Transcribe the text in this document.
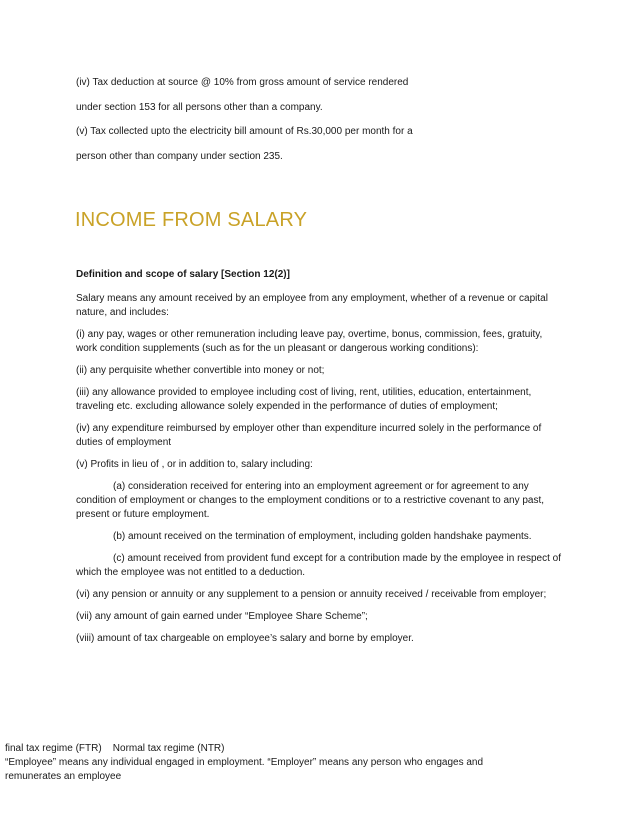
(iv) Tax deduction at source @ 10% from gross amount of service rendered

under section 153 for all persons other than a company.

(v) Tax collected upto the electricity bill amount of Rs.30,000 per month for a

person other than company under section 235.

INCOME FROM SALARY

Definition and scope of salary [Section 12(2)]

Salary means any amount received by an employee from any employment, whether of a revenue or capital nature, and includes:

(i) any pay, wages or other remuneration including leave pay, overtime, bonus, commission, fees, gratuity, work condition supplements (such as for the un pleasant or dangerous working conditions):

(ii) any perquisite whether convertible into money or not;

(iii) any allowance provided to employee including cost of living, rent, utilities, education, entertainment, traveling etc. excluding allowance solely expended in the performance of duties of employment;

(iv) any expenditure reimbursed by employer other than expenditure incurred solely in the performance of duties of employment

(v) Profits in lieu of , or in addition to, salary including:

(a) consideration received for entering into an employment agreement or for agreement to any condition of employment or changes to the employment conditions or to a restrictive covenant to any past, present or future employment.

(b) amount received on the termination of employment, including golden handshake payments.

(c) amount received from provident fund except for a contribution made by the employee in respect of which the employee was not entitled to a deduction.

(vi) any pension or annuity or any supplement to a pension or annuity received / receivable from employer;

(vii) any amount of gain earned under “Employee Share Scheme”;

(viii) amount of tax chargeable on employee’s salary and borne by employer.

final tax regime (FTR)    Normal tax regime (NTR)

“Employee” means any individual engaged in employment. “Employer” means any person who engages and remunerates an employee
